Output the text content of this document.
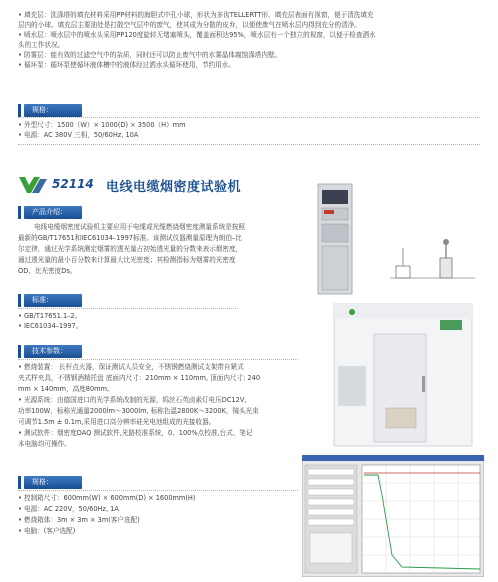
• 填充层：洗涤塔的填充材料采用PP材料的海胆式中孔小球，形状为多齿TELLERTT形，填充层表面有视窗，便于清洗填充
层内的小球。填充层主要油处是打散空气层中的废气，使其成为分散的皮弁，以便使废气在喷水层内得到充分的清净。
• 喷水层：喷水层中的喷水头采用PP120度旋转无堵塞喷头，覆盖面积达95%，喷水层有一个独立的视窗，以便于检查洒水
头的工作状况。
• 防雾层：能有效的过滤空气中的杂质，同时还可以防止废气中的水雾晶体腐蚀涤塔内壁。
• 循环泵：循环泵使循环液体槽中的液体经过洒水头循环使用，节约用水。
规格：
• 外型尺寸：1500（W）× 1000(D) × 3500（H）mm
• 电源：AC 380V 三相，50/60Hz, 10A
52114 电线电缆烟密度试验机
产品介绍：
电线电缆烟密度试验机主要应用于电缆或光缆燃烧烟密度测量系统是按照最新的GB/T17651和IEC61034–1997标准。该测试仪器测量原理为朗伯–比尔定律，通过光学系统测定烟雾的透光量占初始透光量的分数来表示烟密度，通过透光量的最小百分数来计算最大比光密度；其检测指标为烟雾的光密度OD、比光密度Ds。
标准：
• GB/T17651.1–2。
• IEC61034–1997。
技术参数：
• 燃烧装置： 长杆点火器，保证测试人员安全，不锈钢燃烧测试支架带自紧式
夹式样夹具，不锈钢酒精托盘 底面内尺寸：210mm × 110mm, 顶面内尺寸: 240
mm × 140mm，高度80mm。
• 光源系统：由德国进口的光学系统改制的光源，钨丝石英卤素灯电压DC12V,
功率100W，标称光通量2000lm～3000lm, 标称色温2800K～3200K，镜头光束
可调节1.5m ± 0.1m,采用进口高分辨率硅光电池组成的光接收器。
• 测试软件：烟密度DAQ 测试软件,光路校准系统，0、100%点校准,台式、笔记
本电脑均可操作。
规格：
• 控制箱尺寸：600mm(W) × 600mm(D) × 1600mm(H)
• 电源：AC 220V，50/60Hz, 1A
• 燃烧箱体：3m × 3m × 3m(客户选配)
• 电脑：(客户选配)
